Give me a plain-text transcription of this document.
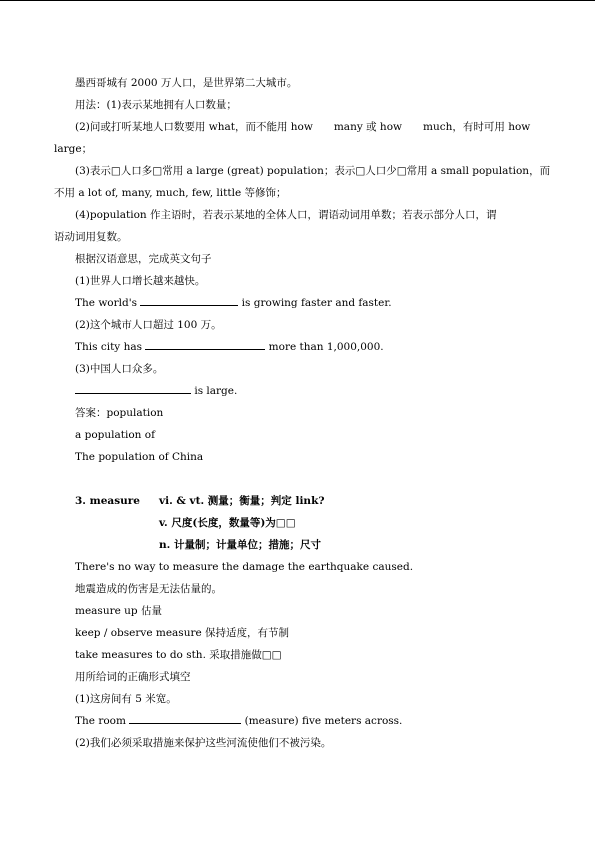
墨西哥城有 2000 万人口，是世界第二大城市。
用法：(1)表示某地拥有人口数量；
(2)问或打听某地人口数要用 what，而不能用 how　　many 或 how　　much，有时可用 how
large；
(3)表示□人口多□常用 a large (great) population；表示□人口少□常用 a small population，而
不用 a lot of, many, much, few, little 等修饰；
(4)population 作主语时，若表示某地的全体人口，谓语动词用单数；若表示部分人口，谓
语动词用复数。
根据汉语意思，完成英文句子
(1)世界人口增长越来越快。
The world's	is growing faster and faster.
(2)这个城市人口超过 100 万。
This city has	more than 1,000,000.
(3)中国人口众多。
is large.
答案：population
a population of
The population of China
3. measure	vi. & vt. 测量；衡量；判定 link?
v. 尺度(长度，数量等)为□□
n. 计量制；计量单位；措施；尺寸
There's no way to measure the damage the earthquake caused.
地震造成的伤害是无法估量的。
measure up 估量
keep / observe measure 保持适度，有节制
take measures to do sth. 采取措施做□□
用所给词的正确形式填空
(1)这房间有 5 米宽。
The room	(measure) five meters across.
(2)我们必须采取措施来保护这些河流使他们不被污染。
